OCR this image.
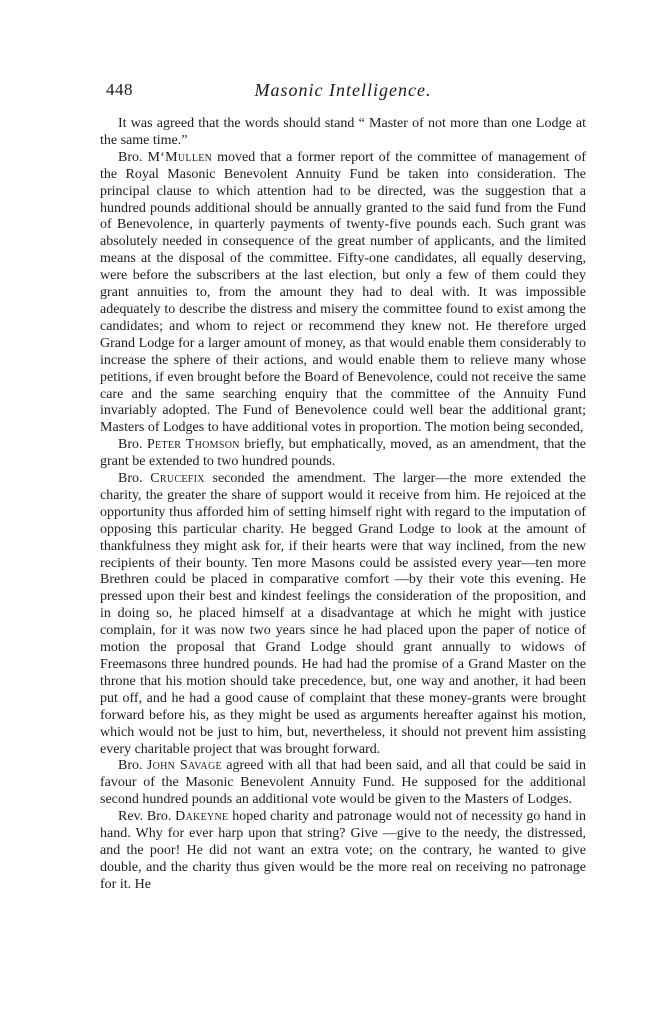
448	Masonic Intelligence.

It was agreed that the words should stand “ Master of not more than one Lodge at the same time.”

Bro. M‘Mullen moved that a former report of the committee of management of the Royal Masonic Benevolent Annuity Fund be taken into consideration. The principal clause to which attention had to be directed, was the suggestion that a hundred pounds additional should be annually granted to the said fund from the Fund of Benevolence, in quarterly payments of twenty-five pounds each. Such grant was absolutely needed in consequence of the great number of applicants, and the limited means at the disposal of the committee. Fifty-one candidates, all equally deserving, were before the subscribers at the last election, but only a few of them could they grant annuities to, from the amount they had to deal with. It was impossible adequately to describe the distress and misery the committee found to exist among the candidates; and whom to reject or recommend they knew not. He therefore urged Grand Lodge for a larger amount of money, as that would enable them considerably to increase the sphere of their actions, and would enable them to relieve many whose petitions, if even brought before the Board of Benevolence, could not receive the same care and the same searching enquiry that the committee of the Annuity Fund invariably adopted. The Fund of Benevolence could well bear the additional grant; Masters of Lodges to have additional votes in proportion. The motion being seconded,

Bro. Peter Thomson briefly, but emphatically, moved, as an amendment, that the grant be extended to two hundred pounds.

Bro. Crucefix seconded the amendment. The larger—the more extended the charity, the greater the share of support would it receive from him. He rejoiced at the opportunity thus afforded him of setting himself right with regard to the imputation of opposing this particular charity. He begged Grand Lodge to look at the amount of thankfulness they might ask for, if their hearts were that way inclined, from the new recipients of their bounty. Ten more Masons could be assisted every year—ten more Brethren could be placed in comparative comfort —by their vote this evening. He pressed upon their best and kindest feelings the consideration of the proposition, and in doing so, he placed himself at a disadvantage at which he might with justice complain, for it was now two years since he had placed upon the paper of notice of motion the proposal that Grand Lodge should grant annually to widows of Freemasons three hundred pounds. He had had the promise of a Grand Master on the throne that his motion should take precedence, but, one way and another, it had been put off, and he had a good cause of complaint that these money-grants were brought forward before his, as they might be used as arguments hereafter against his motion, which would not be just to him, but, nevertheless, it should not prevent him assisting every charitable project that was brought forward.

Bro. John Savage agreed with all that had been said, and all that could be said in favour of the Masonic Benevolent Annuity Fund. He supposed for the additional second hundred pounds an additional vote would be given to the Masters of Lodges.

Rev. Bro. Dakeyne hoped charity and patronage would not of necessity go hand in hand. Why for ever harp upon that string? Give —give to the needy, the distressed, and the poor! He did not want an extra vote; on the contrary, he wanted to give double, and the charity thus given would be the more real on receiving no patronage for it. He
